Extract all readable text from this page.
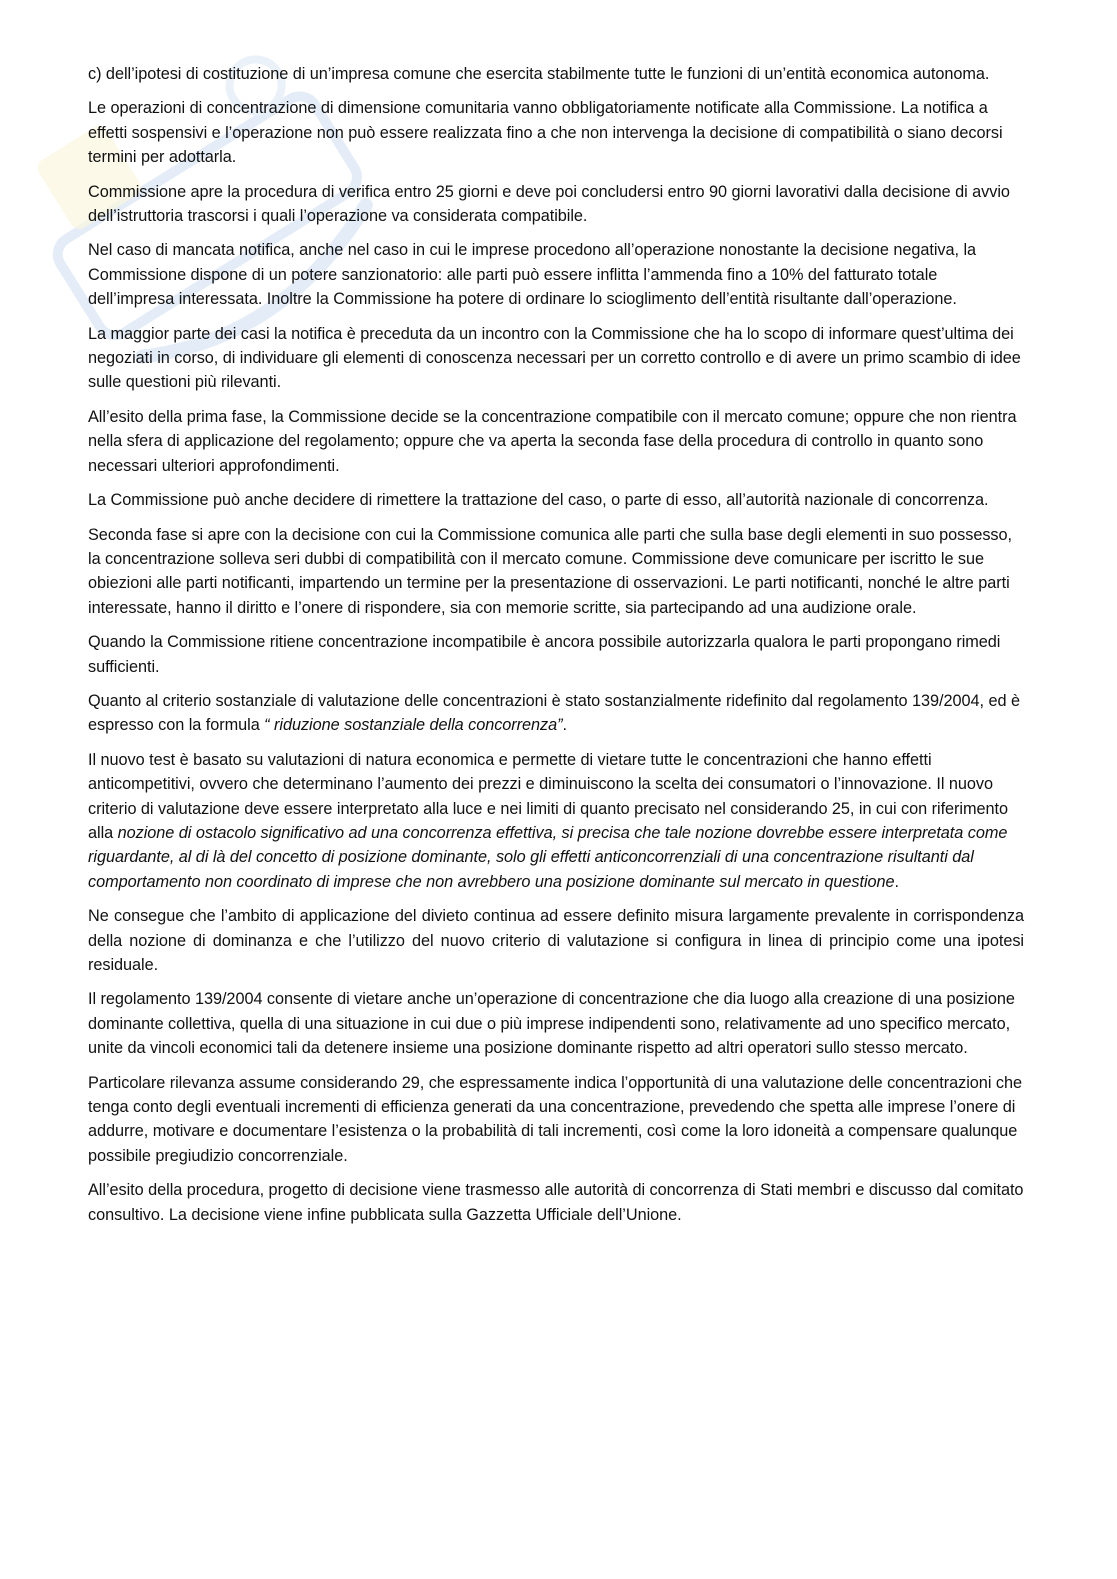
c) dell’ipotesi di costituzione di un’impresa comune che esercita stabilmente tutte le funzioni di un’entità economica autonoma.

Le operazioni di concentrazione di dimensione comunitaria vanno obbligatoriamente notificate alla Commissione. La notifica a effetti sospensivi e l’operazione non può essere realizzata fino a che non intervenga la decisione di compatibilità o siano decorsi termini per adottarla.

Commissione apre la procedura di verifica entro 25 giorni e deve poi concludersi entro 90 giorni lavorativi dalla decisione di avvio dell’istruttoria trascorsi i quali l’operazione va considerata compatibile.

Nel caso di mancata notifica, anche nel caso in cui le imprese procedono all’operazione nonostante la decisione negativa, la Commissione dispone di un potere sanzionatorio: alle parti può essere inflitta l’ammenda fino a 10% del fatturato totale dell’impresa interessata. Inoltre la Commissione ha potere di ordinare lo scioglimento dell’entità risultante dall’operazione.

La maggior parte dei casi la notifica è preceduta da un incontro con la Commissione che ha lo scopo di informare quest’ultima dei negoziati in corso, di individuare gli elementi di conoscenza necessari per un corretto controllo e di avere un primo scambio di idee sulle questioni più rilevanti.

All’esito della prima fase, la Commissione decide se la concentrazione compatibile con il mercato comune; oppure che non rientra nella sfera di applicazione del regolamento; oppure che va aperta la seconda fase della procedura di controllo in quanto sono necessari ulteriori approfondimenti.

La Commissione può anche decidere di rimettere la trattazione del caso, o parte di esso, all’autorità nazionale di concorrenza.

Seconda fase si apre con la decisione con cui la Commissione comunica alle parti che sulla base degli elementi in suo possesso, la concentrazione solleva seri dubbi di compatibilità con il mercato comune. Commissione deve comunicare per iscritto le sue obiezioni alle parti notificanti, impartendo un termine per la presentazione di osservazioni. Le parti notificanti, nonché le altre parti interessate, hanno il diritto e l’onere di rispondere, sia con memorie scritte, sia partecipando ad una audizione orale.

Quando la Commissione ritiene concentrazione incompatibile è ancora possibile autorizzarla qualora le parti propongano rimedi sufficienti.

Quanto al criterio sostanziale di valutazione delle concentrazioni è stato sostanzialmente ridefinito dal regolamento 139/2004, ed è espresso con la formula “ riduzione sostanziale della concorrenza”.

Il nuovo test è basato su valutazioni di natura economica e permette di vietare tutte le concentrazioni che hanno effetti anticompetitivi, ovvero che determinano l’aumento dei prezzi e diminuiscono la scelta dei consumatori o l’innovazione. Il nuovo criterio di valutazione deve essere interpretato alla luce e nei limiti di quanto precisato nel considerando 25, in cui con riferimento alla nozione di ostacolo significativo ad una concorrenza effettiva, si precisa che tale nozione dovrebbe essere interpretata come riguardante, al di là del concetto di posizione dominante, solo gli effetti anticoncorrenziali di una concentrazione risultanti dal comportamento non coordinato di imprese che non avrebbero una posizione dominante sul mercato in questione.

Ne consegue che l’ambito di applicazione del divieto continua ad essere definito misura largamente prevalente in corrispondenza della nozione di dominanza e che l’utilizzo del nuovo criterio di valutazione si configura in linea di principio come una ipotesi residuale.

Il regolamento 139/2004 consente di vietare anche un’operazione di concentrazione che dia luogo alla creazione di una posizione dominante collettiva, quella di una situazione in cui due o più imprese indipendenti sono, relativamente ad uno specifico mercato, unite da vincoli economici tali da detenere insieme una posizione dominante rispetto ad altri operatori sullo stesso mercato.

Particolare rilevanza assume considerando 29, che espressamente indica l’opportunità di una valutazione delle concentrazioni che tenga conto degli eventuali incrementi di efficienza generati da una concentrazione, prevedendo che spetta alle imprese l’onere di addurre, motivare e documentare l’esistenza o la probabilità di tali incrementi, così come la loro idoneità a compensare qualunque possibile pregiudizio concorrenziale.

All’esito della procedura, progetto di decisione viene trasmesso alle autorità di concorrenza di Stati membri e discusso dal comitato consultivo. La decisione viene infine pubblicata sulla Gazzetta Ufficiale dell’Unione.
